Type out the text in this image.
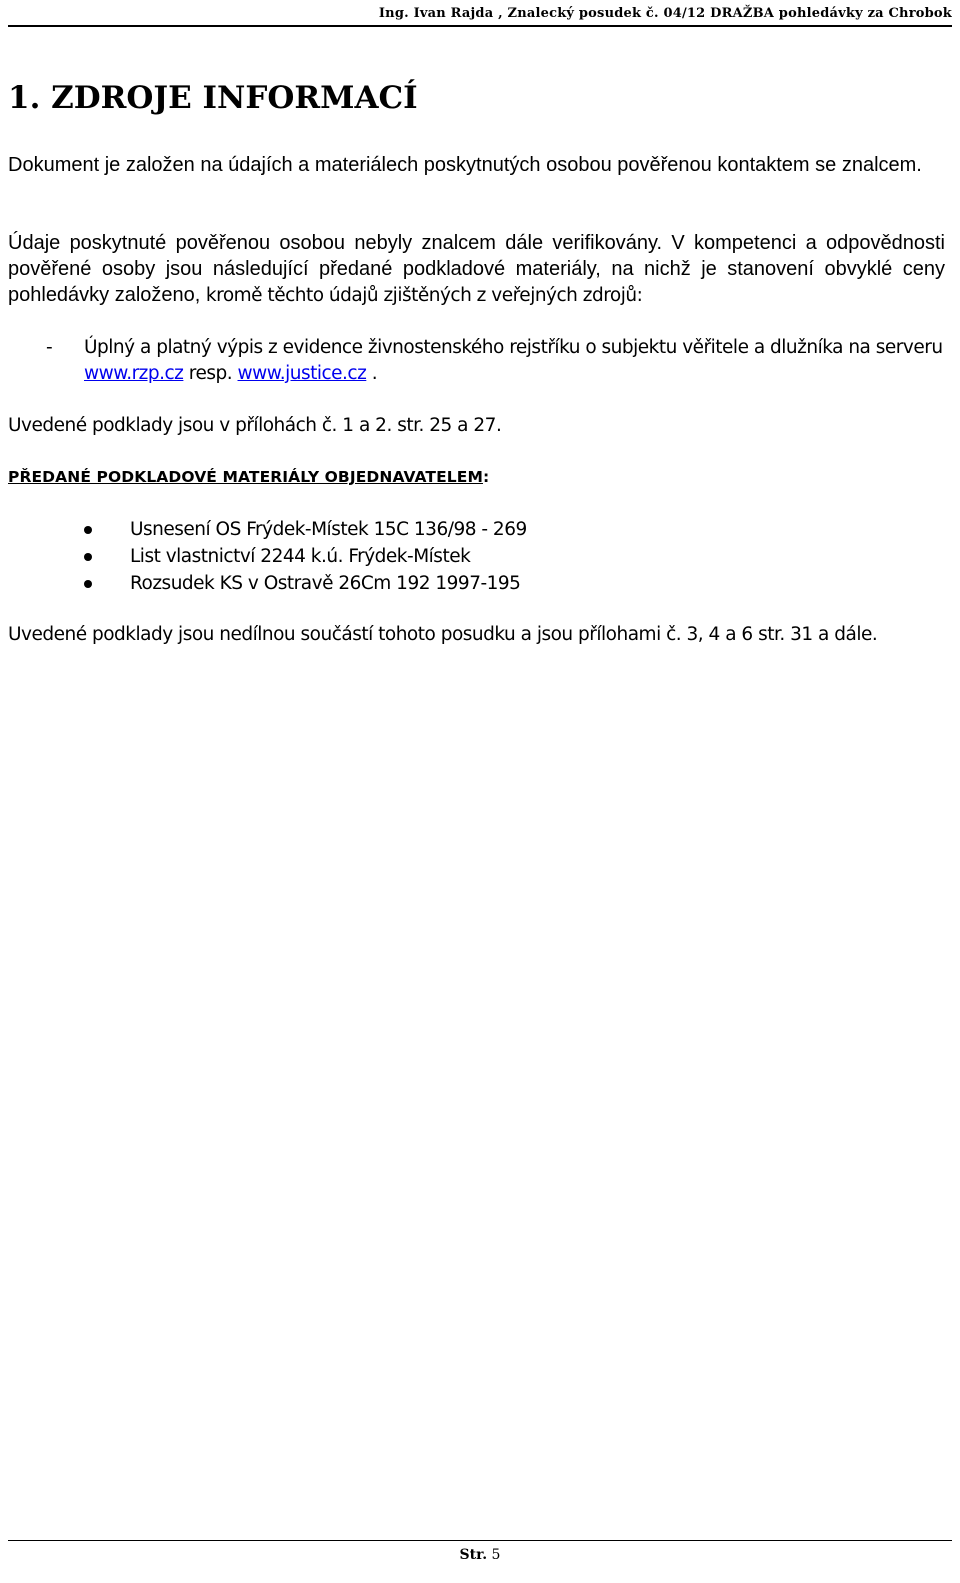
Ing. Ivan Rajda , Znalecký posudek č. 04/12 DRAŽBA pohledávky za Chrobok
1. ZDROJE INFORMACÍ
Dokument je založen na údajích a materiálech poskytnutých osobou pověřenou kontaktem se znalcem.
Údaje poskytnuté pověřenou osobou nebyly znalcem dále verifikovány. V kompetenci a odpovědnosti pověřené osoby jsou následující předané podkladové materiály, na nichž je stanovení obvyklé ceny pohledávky založeno, kromě těchto údajů zjištěných z veřejných zdrojů:
- Úplný a platný výpis z evidence živnostenského rejstříku o subjektu věřitele a dlužníka na serveru www.rzp.cz resp. www.justice.cz .
Uvedené podklady jsou v přílohách č. 1 a 2. str. 25 a 27.
PŘEDANÉ PODKLADOVÉ MATERIÁLY OBJEDNAVATELEM:
Usnesení OS Frýdek-Místek 15C 136/98 - 269
List vlastnictví 2244 k.ú. Frýdek-Místek
Rozsudek KS v Ostravě 26Cm 192 1997-195
Uvedené podklady jsou nedílnou součástí tohoto posudku a jsou přílohami č. 3, 4 a 6 str. 31 a dále.
Str. 5
